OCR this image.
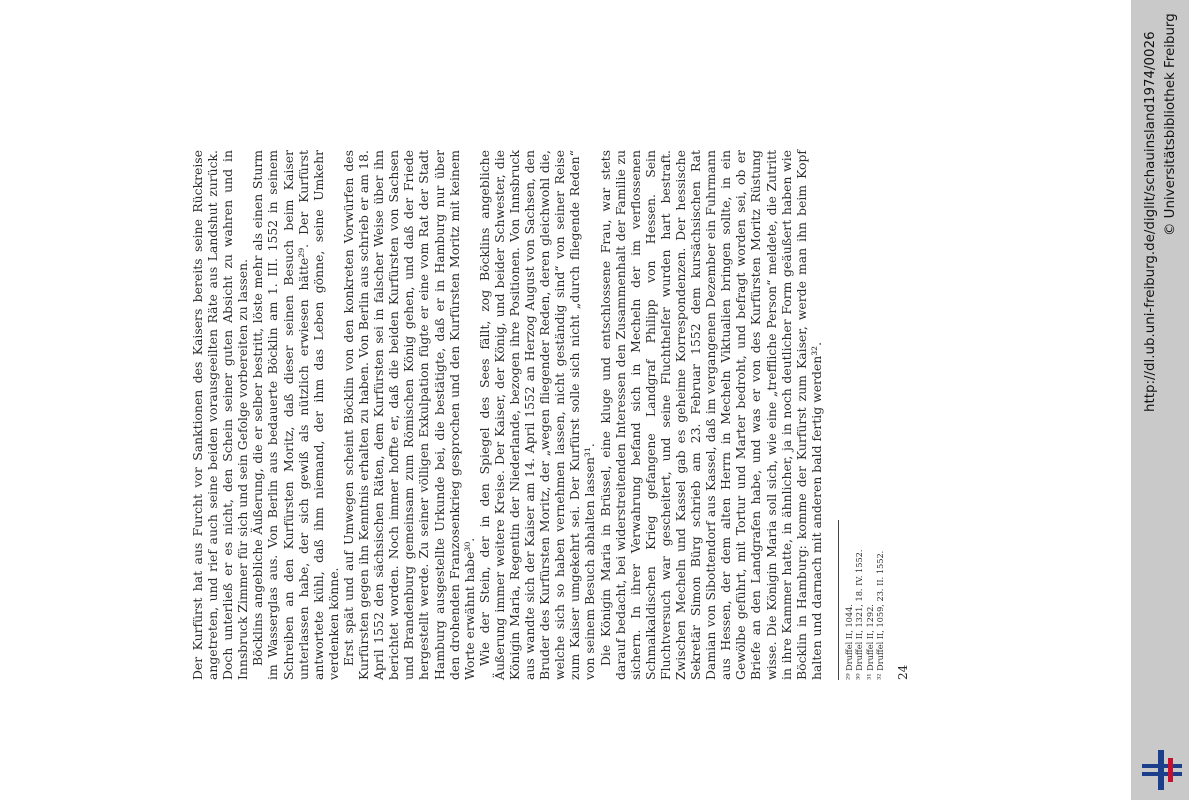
Der Kurfürst hat aus Furcht vor Sanktionen des Kaisers bereits seine Rückreise angetreten, und rief auch seine beiden vorausgeeilten Räte aus Landshut zurück. Doch unterließ er es nicht, den Schein seiner guten Absicht zu wahren und in Innsbruck Zimmer für sich und sein Gefolge vorbereiten zu lassen. Böcklins angebliche Äußerung, die er selber bestritt, löste mehr als einen Sturm im Wasserglas aus. Von Berlin aus bedauerte Böcklin am 1. III. 1552 in seinem Schreiben an den Kurfürsten Moritz, daß dieser seinen Besuch beim Kaiser unterlassen habe, der sich gewiß als nützlich erwiesen hätte²⁹. Der Kurfürst antwortete kühl, daß ihm niemand, der ihm das Leben gönne, seine Umkehr verdenken könne. Erst spät und auf Umwegen scheint Böcklin von den konkreten Vorwürfen des Kurfürsten gegen ihn Kenntnis erhalten zu haben. Von Berlin aus schrieb er am 18. April 1552 den sächsischen Räten, dem Kurfürsten sei in falscher Weise über ihn berichtet worden. Noch immer hoffte er, daß die beiden Kurfürsten von Sachsen und Brandenburg gemeinsam zum Römischen König gehen, und daß der Friede hergestellt werde. Zu seiner völligen Exkulpation fügte er eine vom Rat der Stadt Hamburg ausgestellte Urkunde bei, die bestätigte, daß er in Hamburg nur über den drohenden Franzosenkrieg gesprochen und den Kurfürsten Moritz mit keinem Worte erwähnt habe³⁰. Wie der Stein, der in den Spiegel des Sees fällt, zog Böcklins angebliche Äußerung immer weitere Kreise. Der Kaiser, der König, und beider Schwester, die Königin Maria, Regentin der Niederlande, bezogen ihre Positionen. Von Innsbruck aus wandte sich der Kaiser am 14. April 1552 an Herzog August von Sachsen, den Bruder des Kurfürsten Moritz, der „wegen fliegender Reden, deren gleichwohl die, welche sich so haben vernehmen lassen, nicht geständig sind“ von seiner Reise zum Kaiser umgekehrt sei. Der Kurfürst solle sich nicht „durch fliegende Reden“ von seinem Besuch abhalten lassen³¹. Die Königin Maria in Brüssel, eine kluge und entschlossene Frau, war stets darauf bedacht, bei widerstreitenden Interessen den Zusammenhalt der Familie zu sichern. In ihrer Verwahrung befand sich in Mecheln der im verflossenen Schmalkaldischen Krieg gefangene Landgraf Philipp von Hessen. Sein Fluchtversuch war gescheitert, und seine Fluchthelfer wurden hart bestraft. Zwischen Mecheln und Kassel gab es geheime Korrespondenzen. Der hessische Sekretär Simon Bürg schrieb am 23. Februar 1552 dem kursächsischen Rat Damian von Sibottendorf aus Kassel, daß im vergangenen Dezember ein Fuhrmann aus Hessen, der dem alten Herrn in Mecheln Viktualien bringen sollte, in ein Gewölbe geführt, mit Tortur und Marter bedroht, und befragt worden sei, ob er Briefe an den Landgrafen habe, und was er von des Kurfürsten Moritz Rüstung wisse. Die Königin Maria soll sich, wie eine „treffliche Person“ meldete, die Zutritt in ihre Kammer hatte, in ähnlicher, ja in noch deutlicher Form geäußert haben wie Böcklin in Hamburg: komme der Kurfürst zum Kaiser, werde man ihn beim Kopf halten und darnach mit anderen bald fertig werden³². ²⁹ Druffel II, 1044. ³⁰ Druffel II, 1321, 18. IV. 1552. ³¹ Druffel II, 1292. ³² Druffel II, 1059, 23. II. 1552. 24
http://dl.ub.uni-freiburg.de/diglit/schauinsland1974/0026 © Universitätsbibliothek Freiburg
